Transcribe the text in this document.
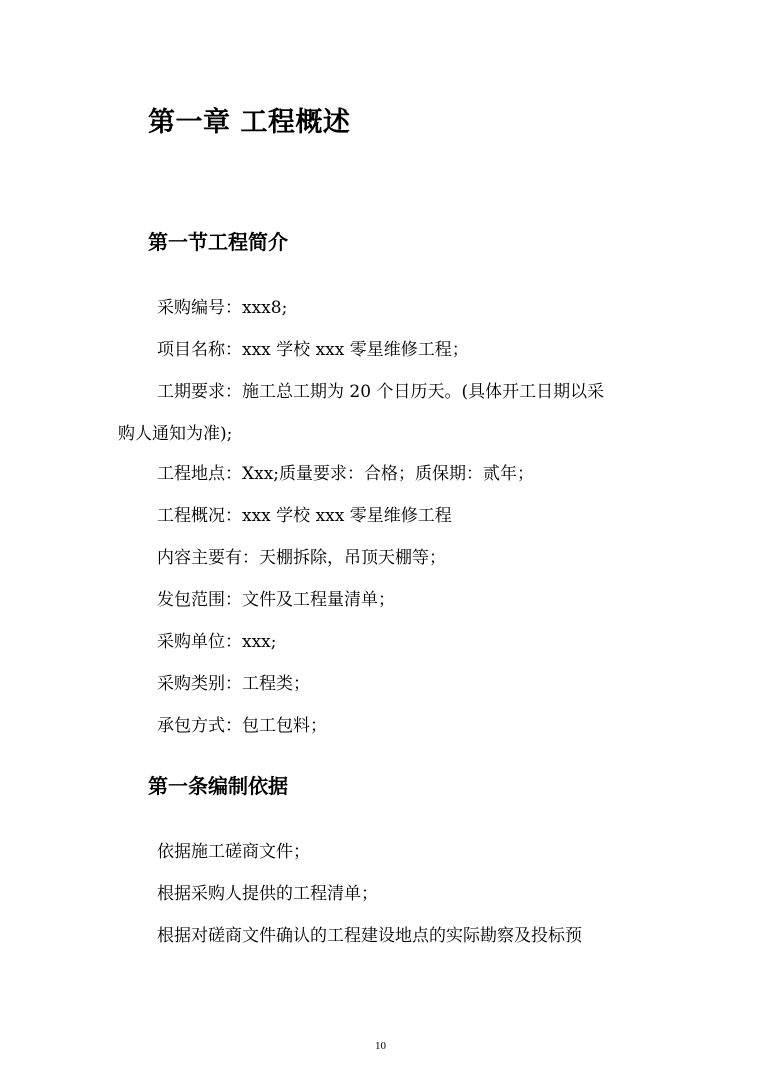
第一章 工程概述
第一节工程简介
采购编号：xxx8;
项目名称：xxx 学校 xxx 零星维修工程；
工期要求：施工总工期为 20 个日历天。(具体开工日期以采
购人通知为准);
工程地点：Xxx;质量要求：合格；质保期：贰年；
工程概况：xxx 学校 xxx 零星维修工程
内容主要有：天棚拆除，吊顶天棚等；
发包范围：文件及工程量清单；
采购单位：xxx;
采购类别：工程类；
承包方式：包工包料；
第一条编制依据
依据施工磋商文件；
根据采购人提供的工程清单；
根据对磋商文件确认的工程建设地点的实际勘察及投标预
10
